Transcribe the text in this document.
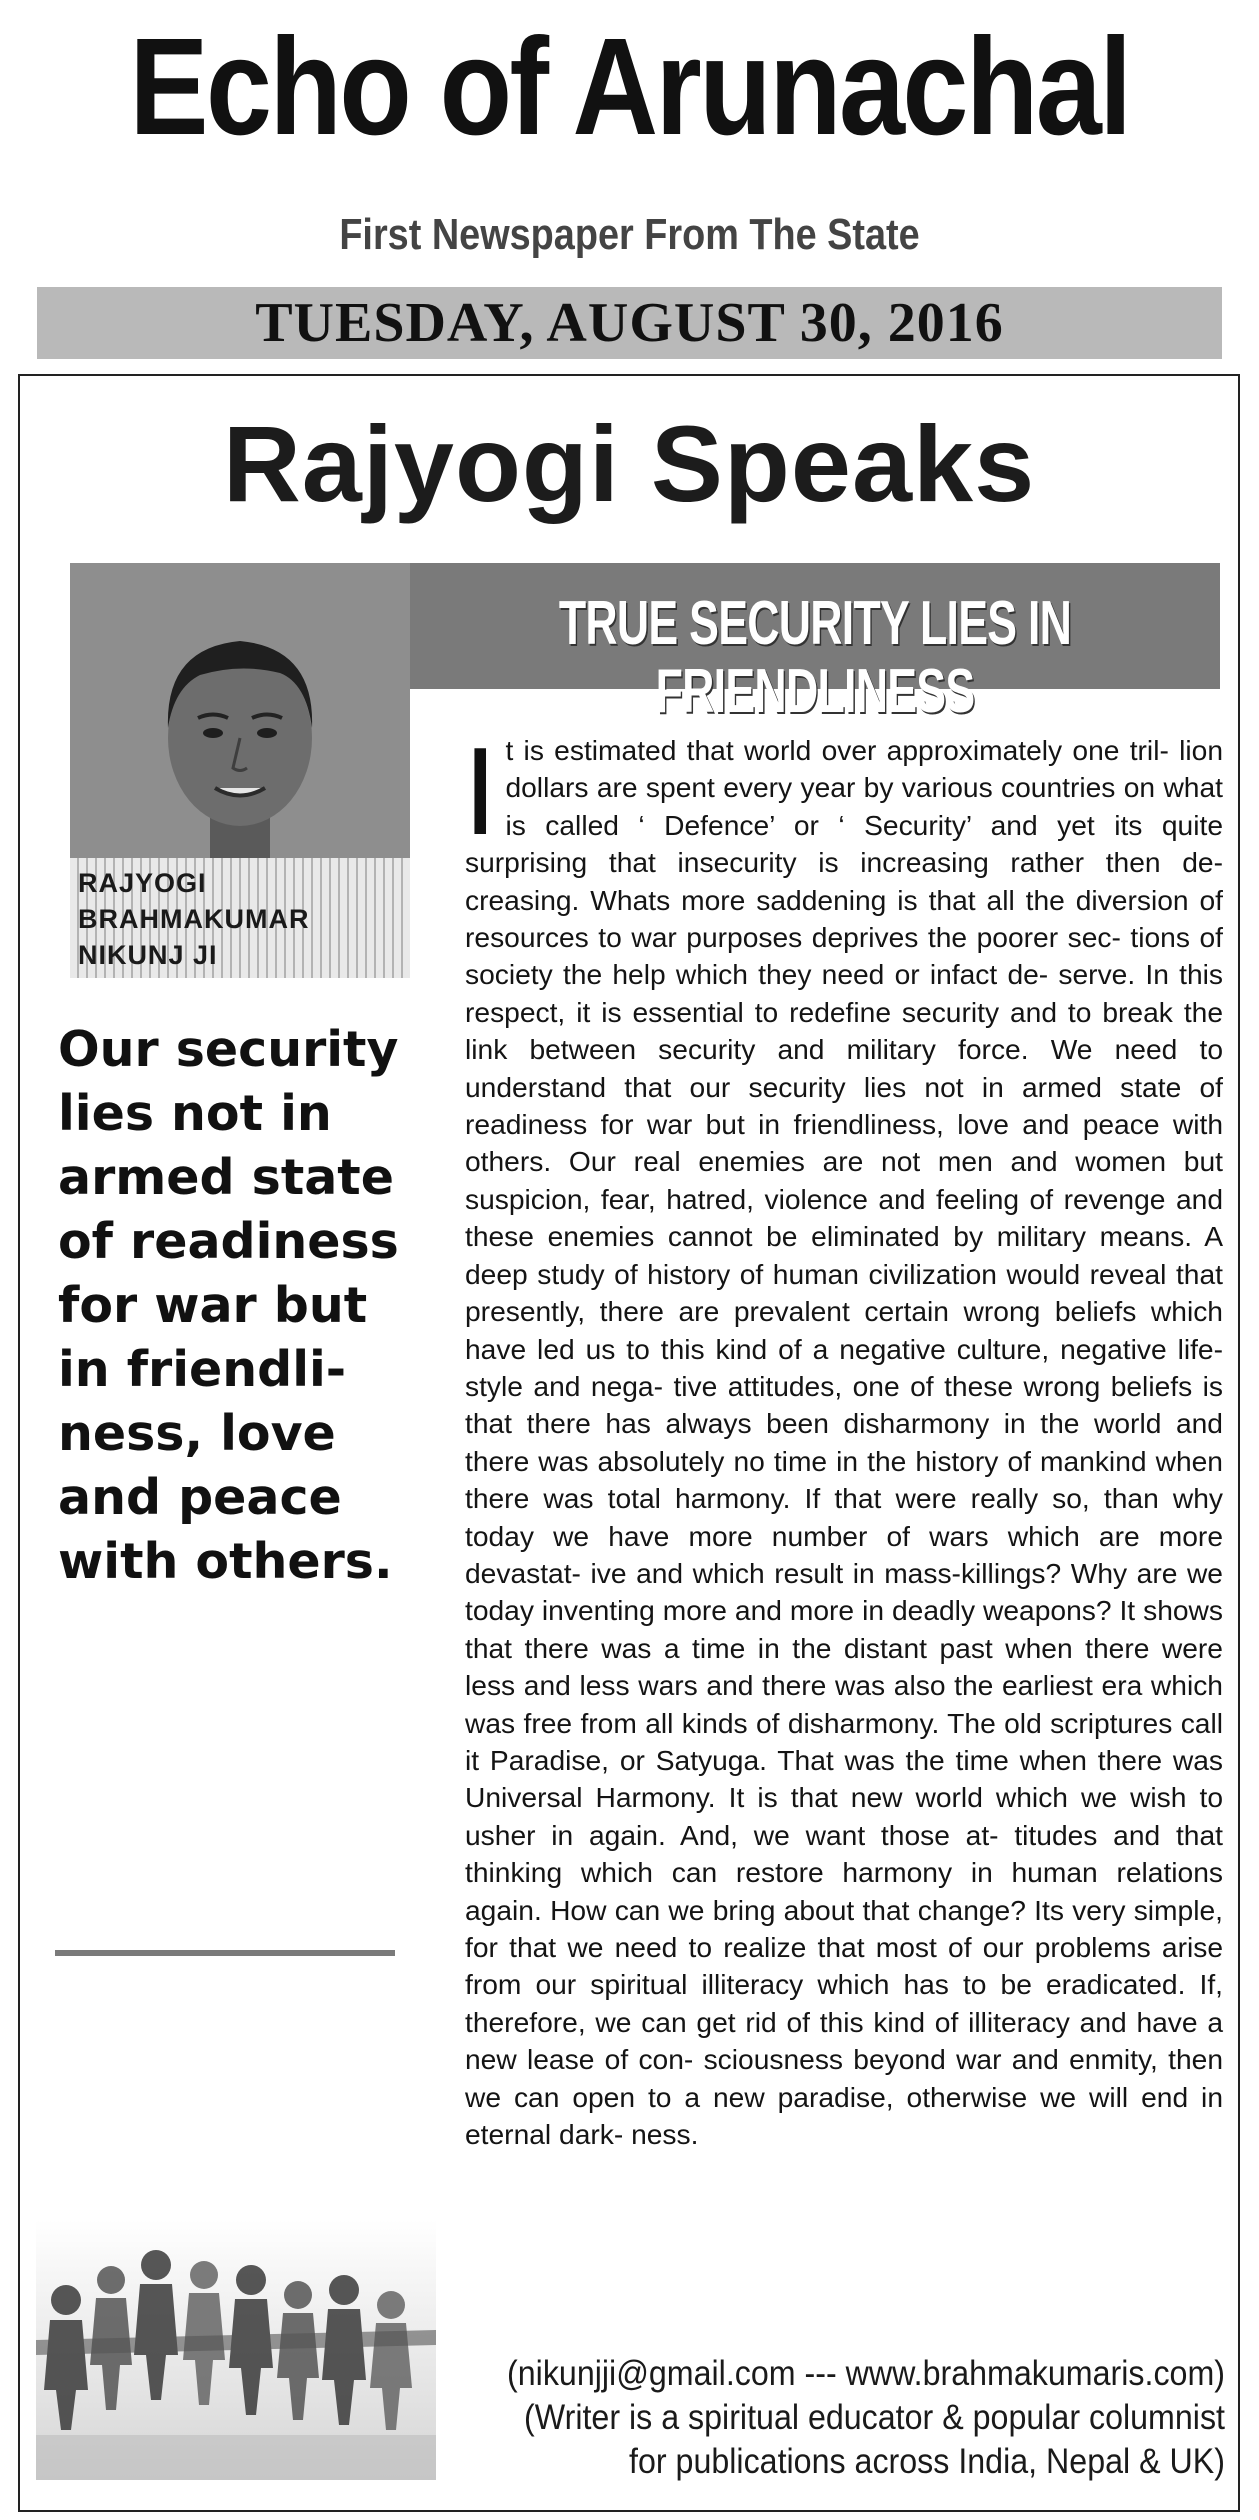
Echo of Arunachal
First Newspaper From The State
TUESDAY, AUGUST 30, 2016
Rajyogi Speaks
RAJYOGI
BRAHMAKUMAR
NIKUNJ JI
TRUE SECURITY LIES IN FRIENDLINESS
Our security lies not in armed state of readiness for war but in friendli- ness, love and peace with others.
It is estimated that world over approximately one tril- lion dollars are spent every year by various countries on what is called ‘ Defence’ or ‘ Security’ and yet its quite surprising that insecurity is increasing rather then de- creasing. Whats more saddening is that all the diversion of resources to war purposes deprives the poorer sec- tions of society the help which they need or infact de- serve. In this respect, it is essential to redefine security and to break the link between security and military force. We need to understand that our security lies not in armed state of readiness for war but in friendliness, love and peace with others. Our real enemies are not men and women but suspicion, fear, hatred, violence and feeling of revenge and these enemies cannot be eliminated by military means. A deep study of history of human civilization would reveal that presently, there are prevalent certain wrong beliefs which have led us to this kind of a negative culture, negative life-style and nega- tive attitudes, one of these wrong beliefs is that there has always been disharmony in the world and there was absolutely no time in the history of mankind when there was total harmony. If that were really so, than why today we have more number of wars which are more devastat- ive and which result in mass-killings? Why are we today inventing more and more in deadly weapons? It shows that there was a time in the distant past when there were less and less wars and there was also the earliest era which was free from all kinds of disharmony. The old scriptures call it Paradise, or Satyuga. That was the time when there was Universal Harmony. It is that new world which we wish to usher in again. And, we want those at- titudes and that thinking which can restore harmony in human relations again. How can we bring about that change? Its very simple, for that we need to realize that most of our problems arise from our spiritual illiteracy which has to be eradicated. If, therefore, we can get rid of this kind of illiteracy and have a new lease of con- sciousness beyond war and enmity, then we can open to a new paradise, otherwise we will end in eternal dark- ness.
(nikunjji@gmail.com --- www.brahmakumaris.com)
(Writer is a spiritual educator & popular columnist
for publications across India, Nepal & UK)
